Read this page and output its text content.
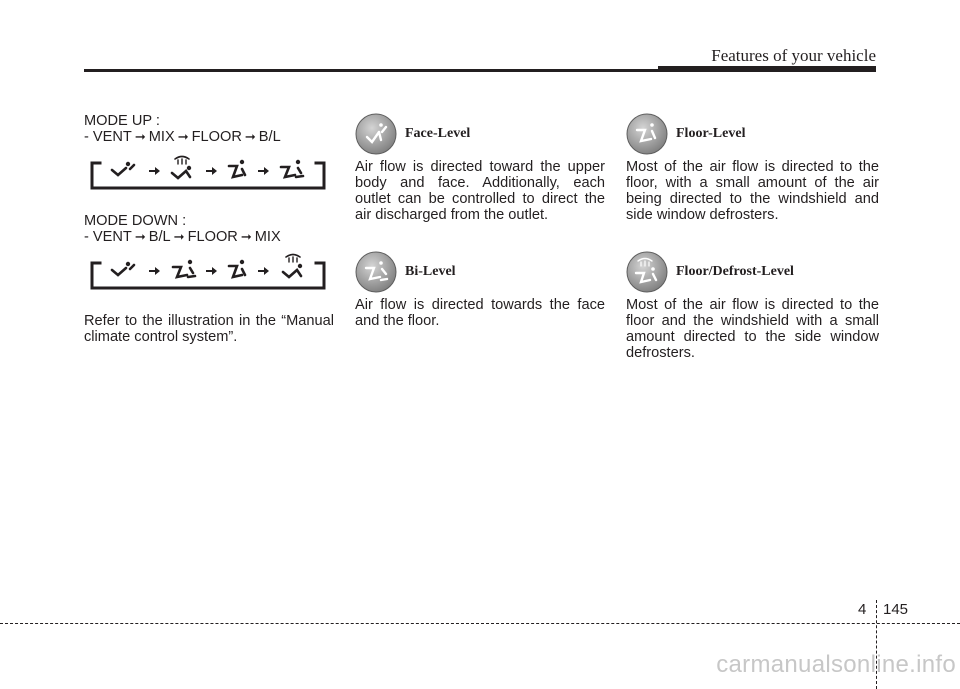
Features of your vehicle

MODE UP :

- VENT ➞ MIX ➞ FLOOR ➞ B/L

MODE DOWN :

- VENT ➞ B/L ➞ FLOOR ➞ MIX

Refer to the illustration in the “Manual climate control system”.

Face-Level

Air flow is directed toward the upper body and face. Additionally, each outlet can be controlled to direct the air discharged from the outlet.

Bi-Level

Air flow is directed towards the face and the floor.

Floor-Level

Most of the air flow is directed to the floor, with a small amount of the air being directed to the windshield and side window defrosters.

Floor/Defrost-Level

Most of the air flow is directed to the floor and the windshield with a small amount directed to the side window defrosters.

4 145
carmanualsonline.info
